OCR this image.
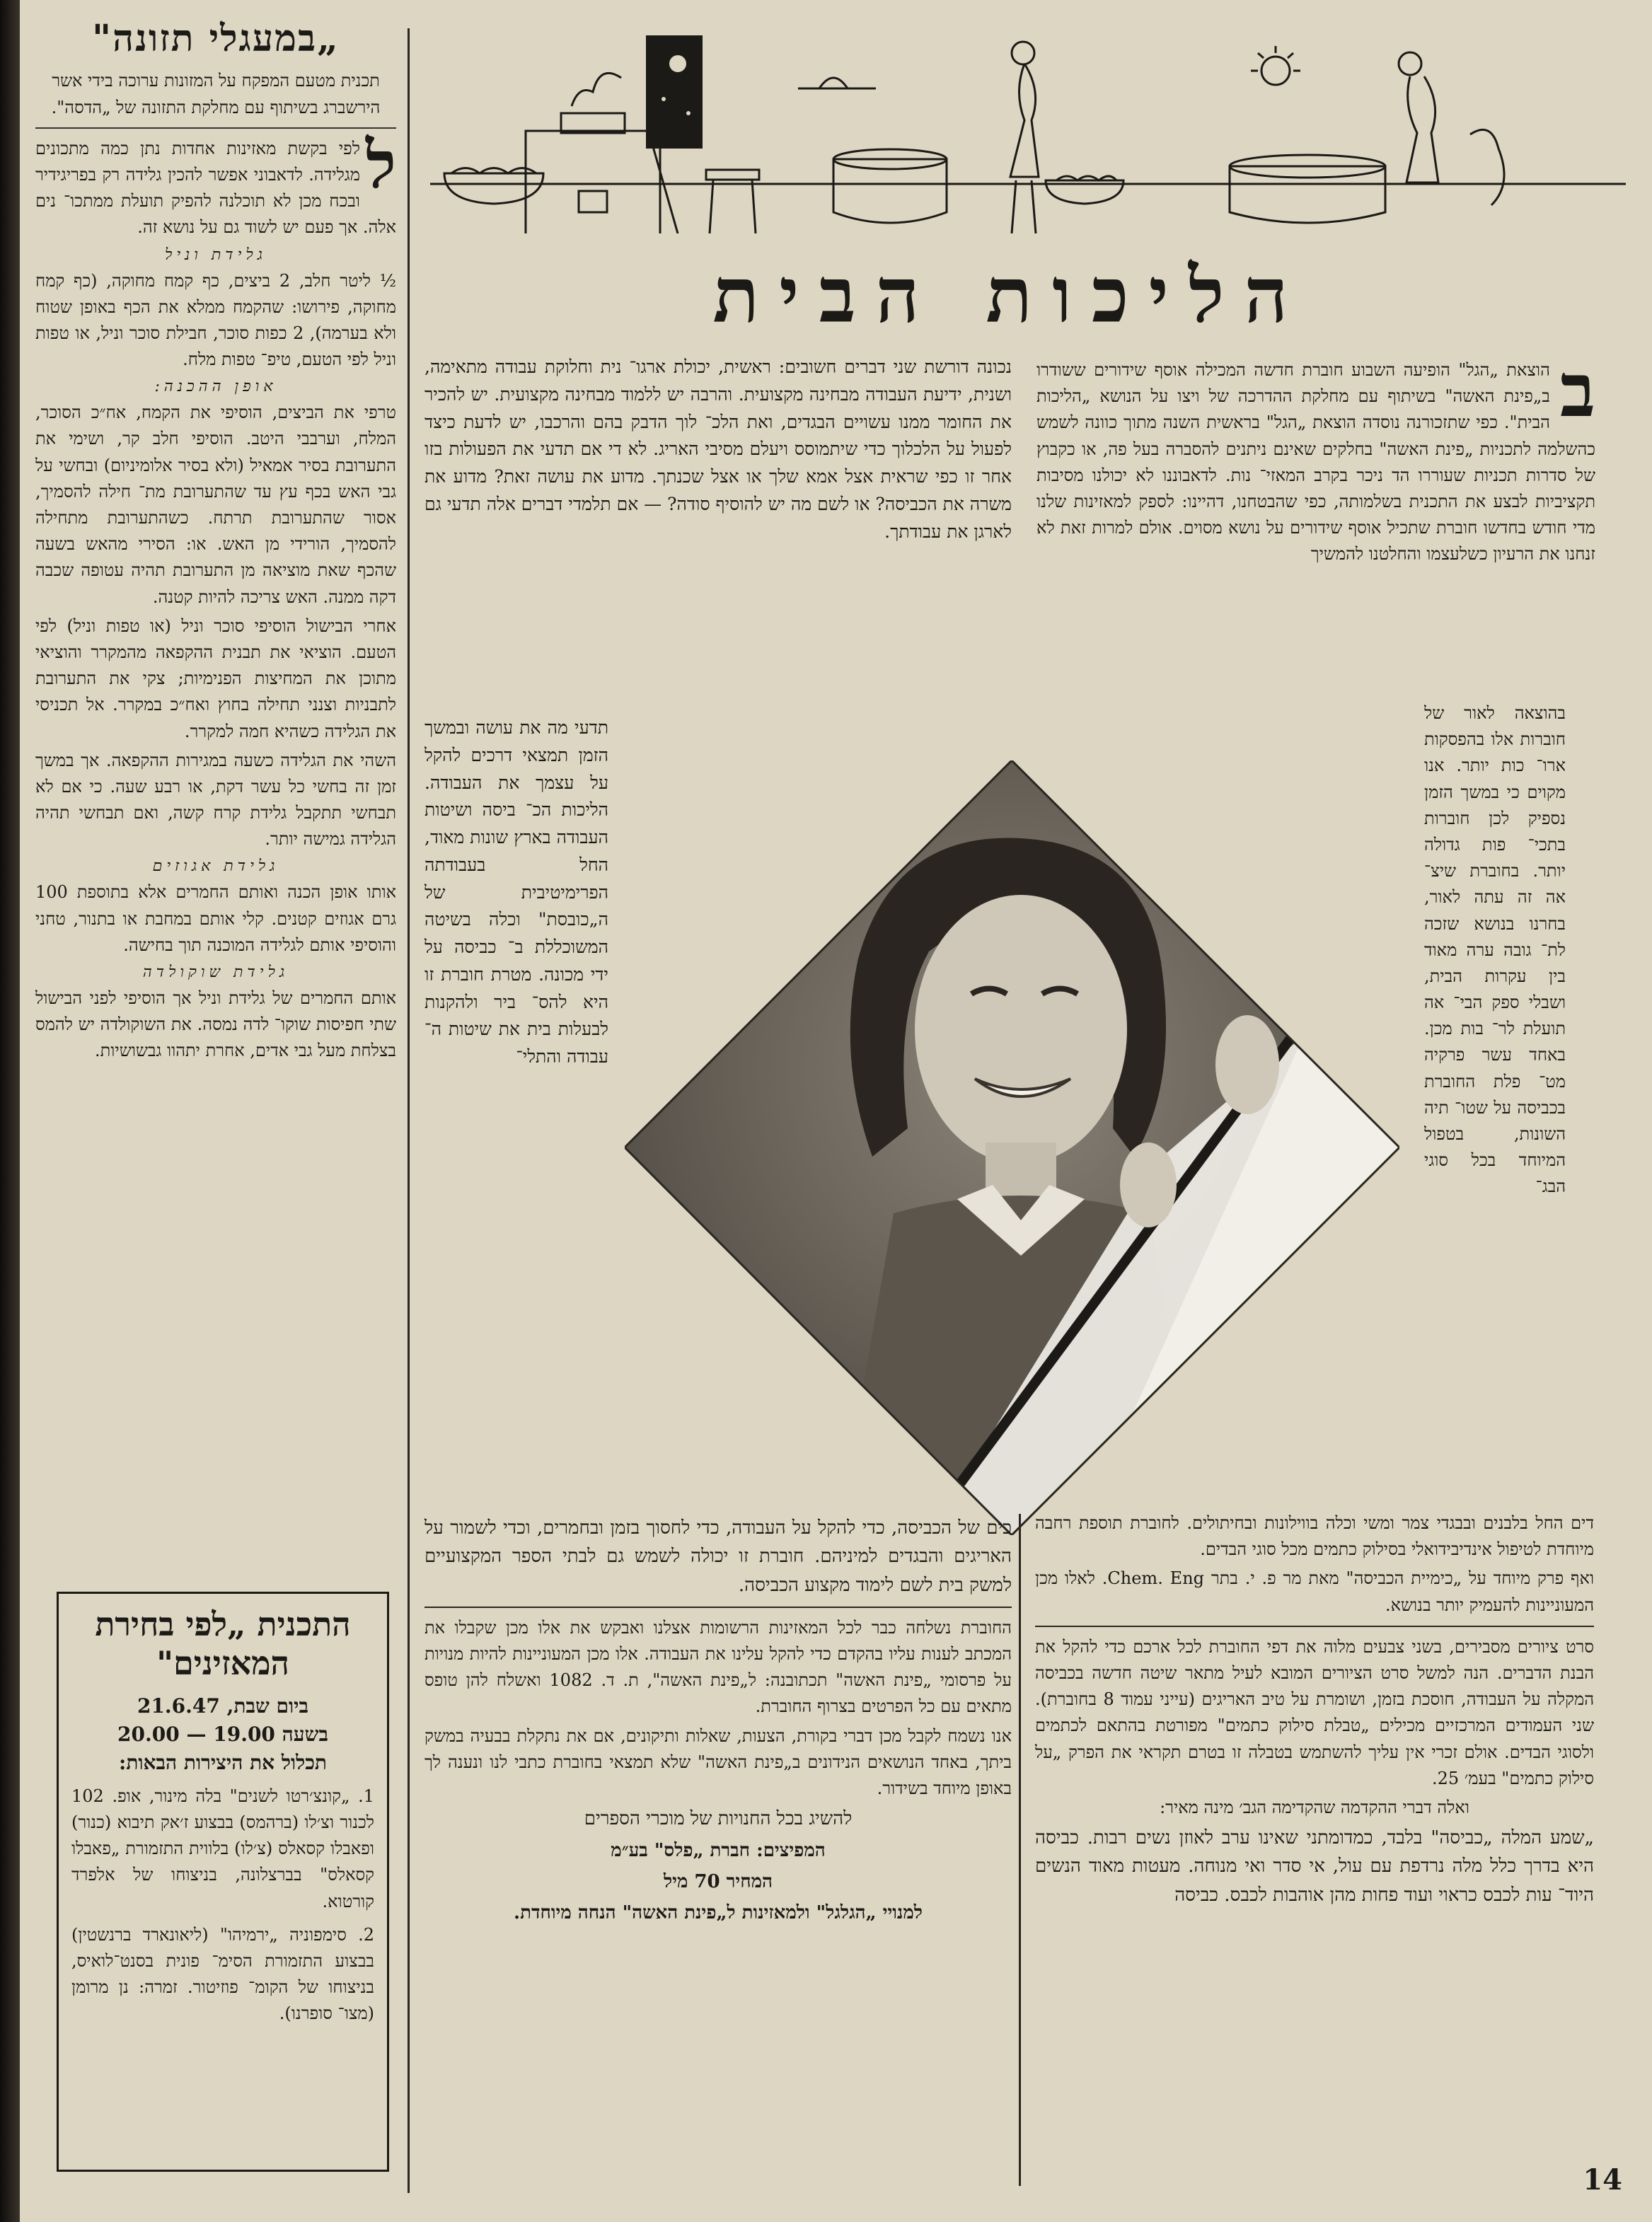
„במעגלי תזונה"
תכנית מטעם המפקח על המזונות ערוכה בידי אשר הירשברג בשיתוף עם מחלקת התזונה של „הדסה".

ל
לפי בקשת מאזינות אחדות נתן כמה מתכונים מגלידה. לדאבוני אפשר להכין גלידה רק בפריגידיר ובכח מכן לא תוכלנה להפיק תועלת ממתכו־ נים אלה. אך פעם יש לשוד גם על נושא זה.

גלידת וניל

½ ליטר חלב, 2 ביצים, כף קמח מחוקה, (כף קמח מחוקה, פירושו: שהקמח ממלא את הכף באופן שטוח ולא בערמה), 2 כפות סוכר, חבילת סוכר וניל, או טפות וניל לפי הטעם, טיפ־ טפות מלח.

אופן ההכנה:

טרפי את הביצים, הוסיפי את הקמח, אח״כ הסוכר, המלח, וערבבי היטב. הוסיפי חלב קר, ושימי את התערובת בסיר אמאיל (ולא בסיר אלומיניום) ובחשי על גבי האש בכף עץ עד שהתערובת מת־ חילה להסמיך, אסור שהתערובת תרתח. כשהתערובת מתחילה להסמיך, הורידי מן האש. או: הסירי מהאש בשעה שהכף שאת מוציאה מן התערובת תהיה עטופה שכבה דקה ממנה. האש צריכה להיות קטנה.

אחרי הבישול הוסיפי סוכר וניל (או טפות וניל) לפי הטעם. הוציאי את תבנית ההקפאה מהמקרר והוציאי מתוכן את המחיצות הפנימיות; צקי את התערובת לתבניות וצנני תחילה בחוץ ואח״כ במקרר. אל תכניסי את הגלידה כשהיא חמה למקרר.

השהי את הגלידה כשעה במגירות ההקפאה. אך במשך זמן זה בחשי כל עשר דקת, או רבע שעה. כי אם לא תבחשי תתקבל גלידת קרח קשה, ואם תבחשי תהיה הגלידה גמישה יותר.

גלידת אגוזים

אותו אופן הכנה ואותם החמרים אלא בתוספת 100 גרם אגוזים קטנים. קלי אותם במחבת או בתנור, טחני והוסיפי אותם לגלידה המוכנה תוך בחישה.

גלידת שוקולדה

אותם החמרים של גלידת וניל אך הוסיפי לפני הבישול שתי חפיסות שוקו־ לדה נמסה. את השוקולדה יש להמס בצלחת מעל גבי אדים, אחרת יתהוו גבשושיות.

התכנית „לפי בחירת המאזינים"
ביום שבת, 21.6.47
בשעה 19.00 — 20.00
תכלול את היצירות הבאות:

1. „קונצ׳רטו לשנים" בלה מינור, אופ. 102 לכנור וצ׳לו (ברהמס) בבצוע ז׳אק תיבוא (כנור) ופאבלו קסאלס (צ׳לו) בלווית התזמורת „פאבלו קסאלס" בברצלונה, בניצוחו של אלפרד קורטוא.

2. סימפוניה „ירמיהו" (ליאונארד ברנשטין) בבצוע התזמורת הסימ־ פונית בסנט־לואיס, בניצוחו של הקומ־ פוזיטור. זמרה: נן מרומן (מצו־ סופרנו).

הליכות הבית

ב
הוצאת „הגל" הופיעה השבוע חוברת חדשה המכילה אוסף שידורים ששודרו ב„פינת האשה" בשיתוף עם מחלקת ההדרכה של ויצו על הנושא „הליכות הבית". כפי שתזכורנה נוסדה הוצאת „הגל" בראשית השנה מתוך כוונה לשמש כהשלמה לתכניות „פינת האשה" בחלקים שאינם ניתנים להסברה בעל פה, או כקבוץ של סדרות תכניות שעוררו הד ניכר בקרב המאזי־ נות. לדאבוננו לא יכולנו מסיבות תקציביות לבצע את התכנית בשלמותה, כפי שהבטחנו, דהיינו: לספק למאזינות שלנו מדי חודש בחדשו חוברת שתכיל אוסף שידורים על נושא מסוים. אולם למרות זאת לא זנחנו את הרעיון כשלעצמו והחלטנו להמשיך

בהוצאה לאור של חוברות אלו בהפסקות ארו־ כות יותר. אנו מקוים כי במשך הזמן נספיק לכן חוברות בתכי־ פות גדולה יותר. בחוברת שיצ־ אה זה עתה לאור, בחרנו בנושא שזכה לת־ גובה ערה מאוד בין עקרות הבית, ושבלי ספק הבי־ אה תועלת לר־ בות מכן. באחד עשר פרקיה מט־ פלת החוברת בכביסה על שטו־ תיה השונות, בטפול המיוחד בכל סוגי הבג־

נכונה דורשת שני דברים חשובים: ראשית, יכולת ארגו־ נית וחלוקת עבודה מתאימה, ושנית, ידיעת העבודה מבחינה מקצועית. והרבה יש ללמוד מבחינה מקצועית. יש להכיר את החומר ממנו עשויים הבגדים, ואת הלכ־ לוך הדבק בהם והרכבו, יש לדעת כיצד לפעול על הלכלוך כדי שיתמוסס ויעלם מסיבי האריג. לא די אם תדעי את הפעולות בזו אחר זו כפי שראית אצל אמא שלך או אצל שכנתך. מדוע את עושה זאת? מדוע את משרה את הכביסה? או לשם מה יש להוסיף סודה? — אם תלמדי דברים אלה תדעי גם לארגן את עבודתך.

תדעי מה את עושה ובמשך הזמן תמצאי דרכים להקל על עצמך את העבודה. הליכות הכ־ ביסה ושיטות העבודה בארץ שונות מאוד, החל בעבודתה הפרימיטיבית של ה„כובסת" וכלה בשיטה המשוכללת ב־ כביסה על ידי מכונה. מטרת חוברת זו היא להס־ ביר ולהקנות לבעלות בית את שיטות ה־ עבודה והתלי־

כים של הכביסה, כדי להקל על העבודה, כדי לחסוך בזמן ובחמרים, וכדי לשמור על האריגים והבגדים למיניהם. חוברת זו יכולה לשמש גם לבתי הספר המקצועיים למשק בית לשם לימוד מקצוע הכביסה.

החוברת נשלחה כבר לכל המאזינות הרשומות אצלנו ואבקש את אלו מכן שקבלו את המכתב לענות עליו בהקדם כדי להקל עלינו את העבודה. אלו מכן המעוניינות להיות מנויות על פרסומי „פינת האשה" תכתובנה: ל„פינת האשה", ת. ד. 1082 ואשלח להן טופס מתאים עם כל הפרטים בצרוף החוברת.

אנו נשמח לקבל מכן דברי בקורת, הצעות, שאלות ותיקונים, אם את נתקלת בבעיה במשק ביתך, באחד הנושאים הנידונים ב„פינת האשה" שלא תמצאי בחוברת כתבי לנו ונענה לך באופן מיוחד בשידור.

להשיג בכל החנויות של מוכרי הספרים

המפיצים: חברת „פלס" בע״מ

המחיר 70 מיל

למנויי „הגלגל" ולמאזינות ל„פינת האשה" הנחה מיוחדת.

דים החל בלבנים ובבגדי צמר ומשי וכלה בווילונות ובחיתולים. לחוברת תוספת רחבה מיוחדת לטיפול אינדיבידואלי בסילוק כתמים מכל סוגי הבדים.

ואף פרק מיוחד על „כימיית הכביסה" מאת מר פ. י. בתר Chem. Eng. לאלו מכן המעוניינות להעמיק יותר בנושא.

סרט ציורים מסבירים, בשני צבעים מלוה את דפי החוברת לכל ארכם כדי להקל את הבנת הדברים. הנה למשל סרט הציורים המובא לעיל מתאר שיטה חדשה בכביסה המקלה על העבודה, חוסכת בזמן, ושומרת על טיב האריגים (עייני עמוד 8 בחוברת). שני העמודים המרכזיים מכילים „טבלת סילוק כתמים" מפורטת בהתאם לכתמים ולסוגי הבדים. אולם זכרי אין עליך להשתמש בטבלה זו בטרם תקראי את הפרק „על סילוק כתמים" בעמ׳ 25.

ואלה דברי ההקדמה שהקדימה הגב׳ מינה מאיר:

„שמע המלה „כביסה" בלבד, כמדומתני שאינו ערב לאוזן נשים רבות. כביסה היא בדרך כלל מלה נרדפת עם עול, אי סדר ואי מנוחה. מעטות מאוד הנשים היוד־ עות לכבס כראוי ועוד פחות מהן אוהבות לכבס. כביסה

14
